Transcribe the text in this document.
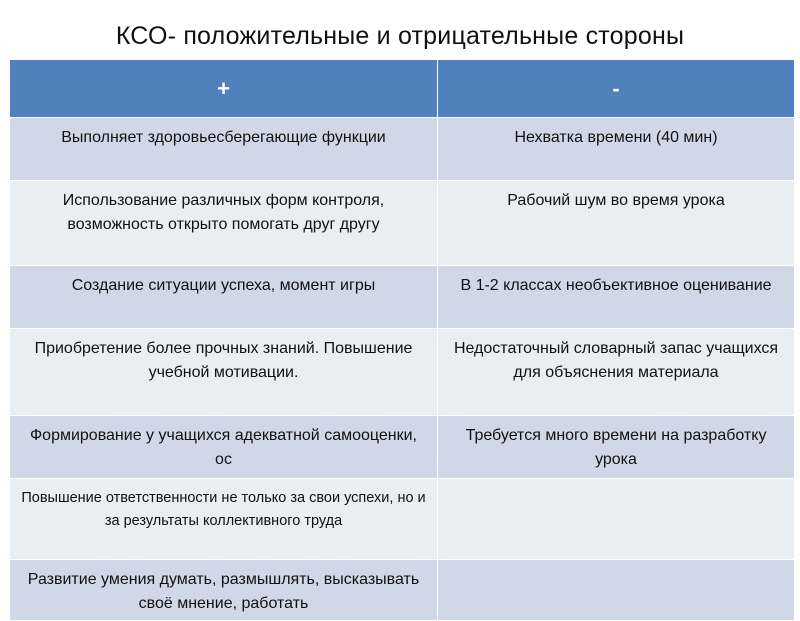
КСО- положительные и отрицательные стороны
+	-
Выполняет здоровьесберегающие функции	Нехватка времени (40 мин)
Использование различных форм контроля, возможность открыто помогать друг другу	Рабочий шум во время урока
Создание ситуации успеха, момент игры	В 1-2 классах необъективное оценивание
Приобретение более прочных знаний. Повышение учебной мотивации.	Недостаточный словарный запас учащихся для объяснения материала
Формирование у учащихся адекватной самооценки, ос	Требуется много времени на разработку урока
Повышение ответственности не только за свои успехи, но и за результаты коллективного труда	
Развитие умения думать, размышлять, высказывать своё мнение, работать	
